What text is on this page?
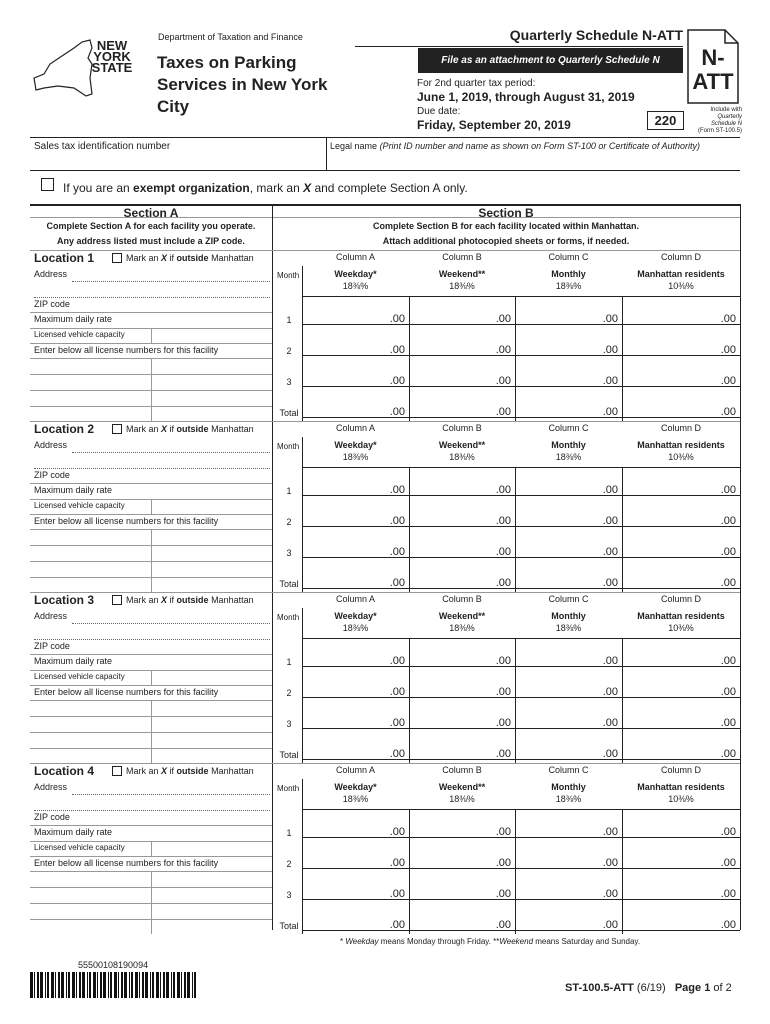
NEW
YORK
STATE
Department of Taxation and Finance
Taxes on Parking Services in New York City
Quarterly Schedule N-ATT
File as an attachment to Quarterly Schedule N	N-
ATT
For 2nd quarter tax period:
June 1, 2019, through August 31, 2019
Due date:
Friday, September 20, 2019	220
Include with
Quarterly
Schedule N
(Form ST-100.5)
Sales tax identification number	Legal name (Print ID number and name as shown on Form ST-100 or Certificate of Authority)
If you are an exempt organization, mark an X and complete Section A only.
Section A	Section B
Complete Section A for each facility you operate.
Any address listed must include a ZIP code.
Complete Section B for each facility located within Manhattan.
Attach additional photocopied sheets or forms, if needed.
Location 1	Mark an X if outside Manhattan
Address
ZIP code
Maximum daily rate
Licensed vehicle capacity
Enter below all license numbers for this facility
Month
Column A
Weekday*
18⅜%
Column B
Weekend**
18⅜%
Column C
Monthly
18⅜%
Column D
Manhattan residents
10⅜%
1	.00	.00	.00	.00
2	.00	.00	.00	.00
3	.00	.00	.00	.00
Total	.00	.00	.00	.00
Location 2	Mark an X if outside Manhattan
Address
ZIP code
Maximum daily rate
Licensed vehicle capacity
Enter below all license numbers for this facility
Month
Column A
Weekday*
18⅜%
Column B
Weekend**
18⅜%
Column C
Monthly
18⅜%
Column D
Manhattan residents
10⅜%
1	.00	.00	.00	.00
2	.00	.00	.00	.00
3	.00	.00	.00	.00
Total	.00	.00	.00	.00
Location 3	Mark an X if outside Manhattan
Address
ZIP code
Maximum daily rate
Licensed vehicle capacity
Enter below all license numbers for this facility
Month
Column A
Weekday*
18⅜%
Column B
Weekend**
18⅜%
Column C
Monthly
18⅜%
Column D
Manhattan residents
10⅜%
1	.00	.00	.00	.00
2	.00	.00	.00	.00
3	.00	.00	.00	.00
Total	.00	.00	.00	.00
Location 4	Mark an X if outside Manhattan
Address
ZIP code
Maximum daily rate
Licensed vehicle capacity
Enter below all license numbers for this facility
Month
Column A
Weekday*
18⅜%
Column B
Weekend**
18⅜%
Column C
Monthly
18⅜%
Column D
Manhattan residents
10⅜%
1	.00	.00	.00	.00
2	.00	.00	.00	.00
3	.00	.00	.00	.00
Total	.00	.00	.00	.00
* Weekday means Monday through Friday. **Weekend means Saturday and Sunday.
55500108190094
ST-100.5-ATT (6/19) Page 1 of 2
